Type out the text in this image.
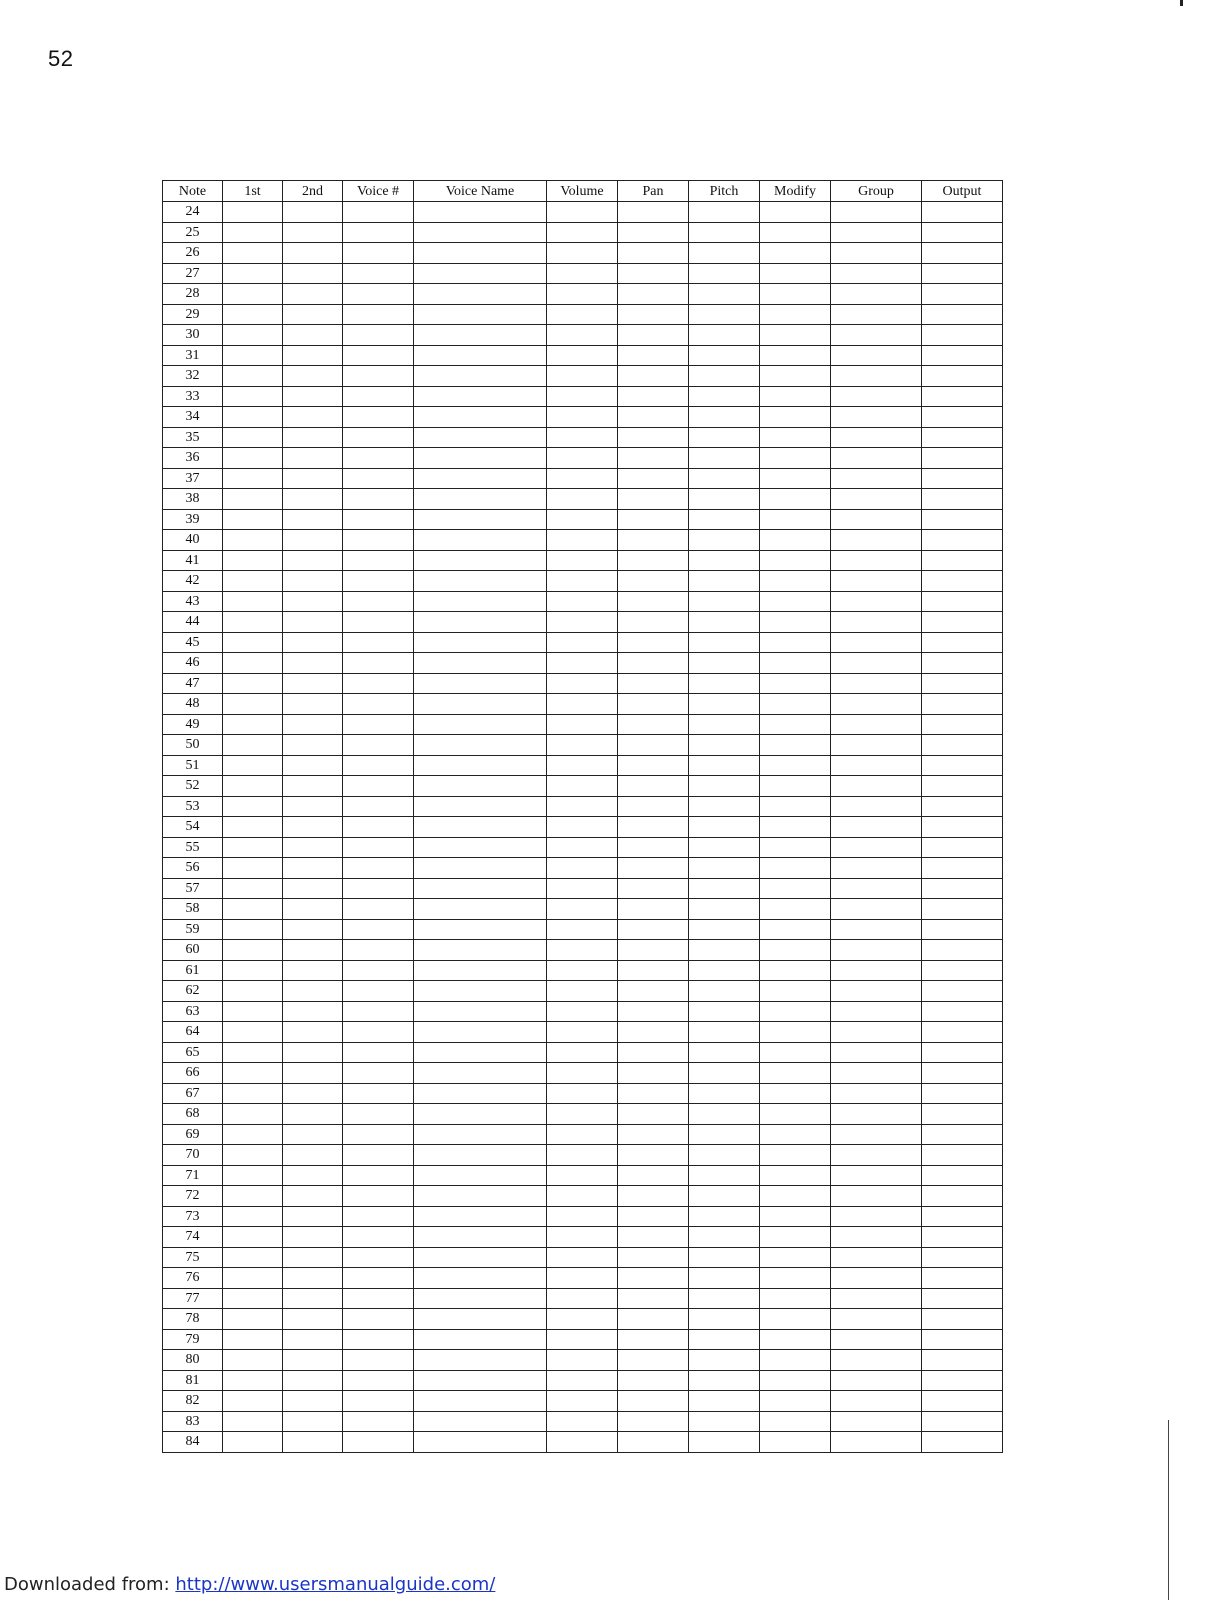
52
Note	1st	2nd	Voice #	Voice Name	Volume	Pan	Pitch	Modify	Group	Output
24										
25										
26										
27										
28										
29										
30										
31										
32										
33										
34										
35										
36										
37										
38										
39										
40										
41										
42										
43										
44										
45										
46										
47										
48										
49										
50										
51										
52										
53										
54										
55										
56										
57										
58										
59										
60										
61										
62										
63										
64										
65										
66										
67										
68										
69										
70										
71										
72										
73										
74										
75										
76										
77										
78										
79										
80										
81										
82										
83										
84										
Downloaded from: http://www.usersmanualguide.com/
